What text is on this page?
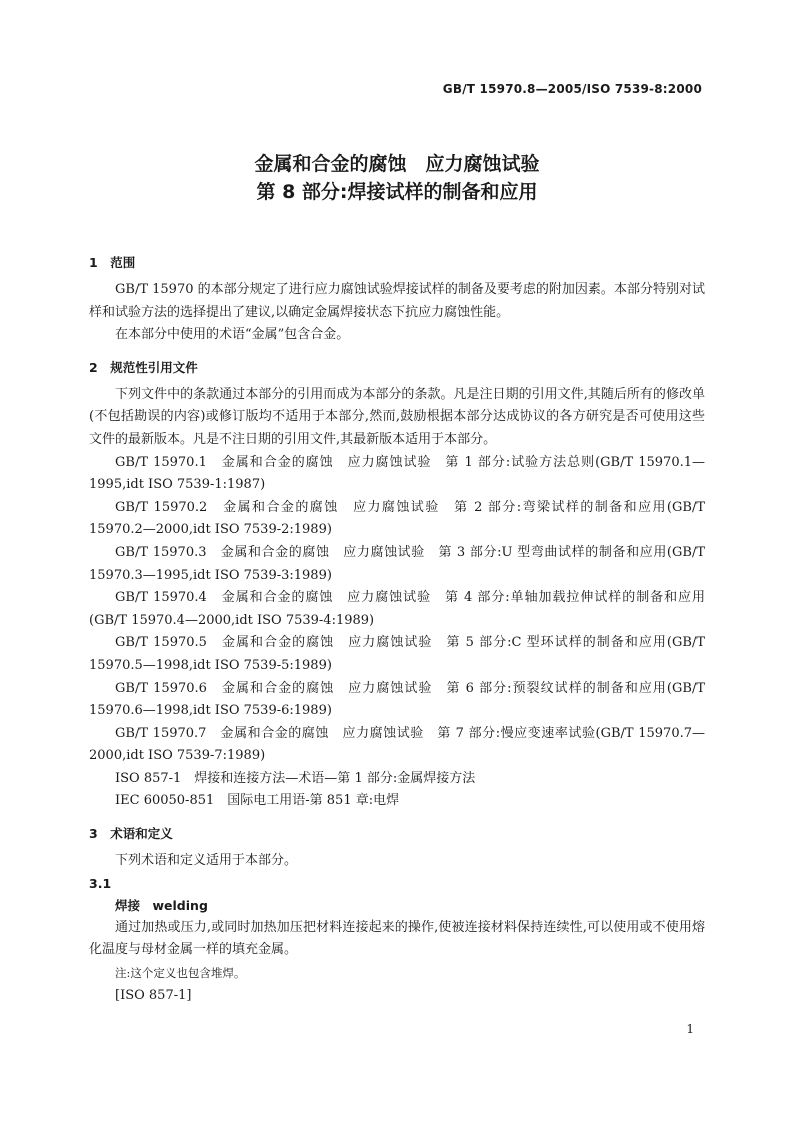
GB/T 15970.8—2005/ISO 7539-8:2000
金属和合金的腐蚀　应力腐蚀试验
第 8 部分:焊接试样的制备和应用
1　范围

GB/T 15970 的本部分规定了进行应力腐蚀试验焊接试样的制备及要考虑的附加因素。本部分特别对试样和试验方法的选择提出了建议,以确定金属焊接状态下抗应力腐蚀性能。

在本部分中使用的术语“金属”包含合金。

2　规范性引用文件

下列文件中的条款通过本部分的引用而成为本部分的条款。凡是注日期的引用文件,其随后所有的修改单(不包括勘误的内容)或修订版均不适用于本部分,然而,鼓励根据本部分达成协议的各方研究是否可使用这些文件的最新版本。凡是不注日期的引用文件,其最新版本适用于本部分。

GB/T 15970.1　金属和合金的腐蚀　应力腐蚀试验　第 1 部分:试验方法总则(GB/T 15970.1—1995,idt ISO 7539-1:1987)

GB/T 15970.2　金属和合金的腐蚀　应力腐蚀试验　第 2 部分:弯梁试样的制备和应用(GB/T 15970.2—2000,idt ISO 7539-2:1989)

GB/T 15970.3　金属和合金的腐蚀　应力腐蚀试验　第 3 部分:U 型弯曲试样的制备和应用(GB/T 15970.3—1995,idt ISO 7539-3:1989)

GB/T 15970.4　金属和合金的腐蚀　应力腐蚀试验　第 4 部分:单轴加载拉伸试样的制备和应用(GB/T 15970.4—2000,idt ISO 7539-4:1989)

GB/T 15970.5　金属和合金的腐蚀　应力腐蚀试验　第 5 部分:C 型环试样的制备和应用(GB/T 15970.5—1998,idt ISO 7539-5:1989)

GB/T 15970.6　金属和合金的腐蚀　应力腐蚀试验　第 6 部分:预裂纹试样的制备和应用(GB/T 15970.6—1998,idt ISO 7539-6:1989)

GB/T 15970.7　金属和合金的腐蚀　应力腐蚀试验　第 7 部分:慢应变速率试验(GB/T 15970.7—2000,idt ISO 7539-7:1989)

ISO 857-1　焊接和连接方法—术语—第 1 部分:金属焊接方法

IEC 60050-851　国际电工用语-第 851 章:电焊

3　术语和定义

下列术语和定义适用于本部分。

3.1
焊接　welding

通过加热或压力,或同时加热加压把材料连接起来的操作,使被连接材料保持连续性,可以使用或不使用熔化温度与母材金属一样的填充金属。

注:这个定义也包含堆焊。
[ISO 857-1]
1
